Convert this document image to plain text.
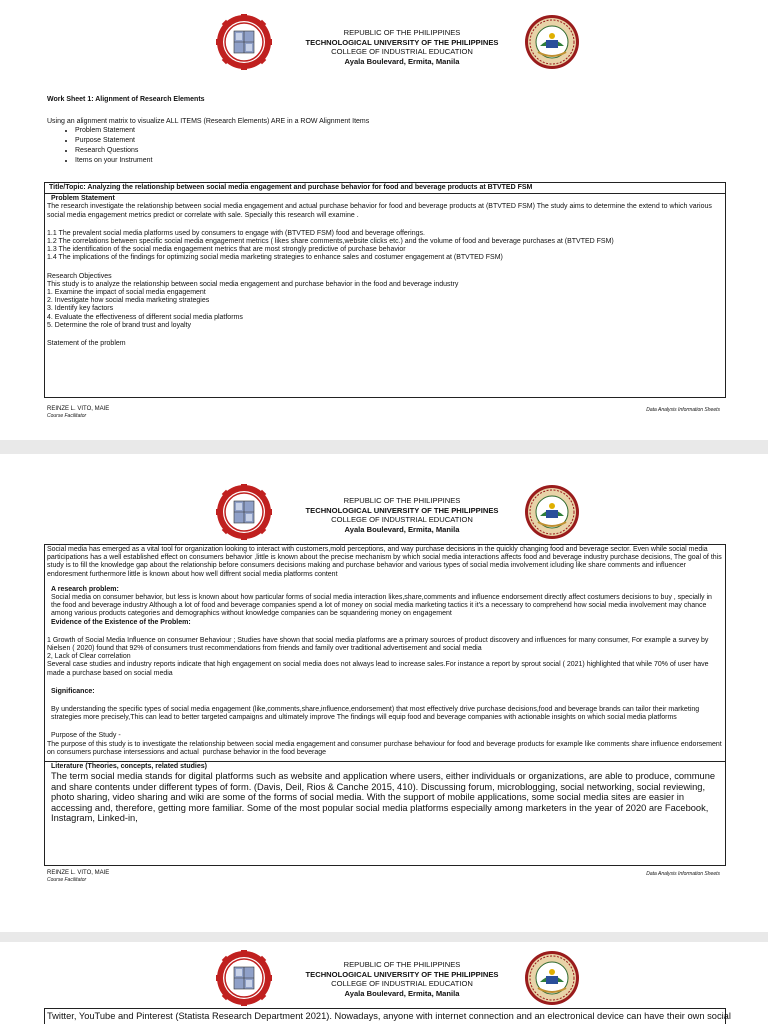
REPUBLIC OF THE PHILIPPINES
TECHNOLOGICAL UNIVERSITY OF THE PHILIPPINES
COLLEGE OF INDUSTRIAL EDUCATION
Ayala Boulevard, Ermita, Manila
Work Sheet 1: Alignment of Research Elements
Using an alignment matrix to visualize ALL ITEMS (Research Elements) ARE in a ROW Alignment Items
• Problem Statement
• Purpose Statement
• Research Questions
• Items on your Instrument
Title/Topic: Analyzing the relationship between social media engagement and purchase behavior for food and beverage products at BTVTED FSM
Problem Statement
The research investigate the relationship between social media engagement and actual purchase behavior for food and beverage products at (BTVTED FSM) The study aims to determine the extend to which various social media engagement metrics predict or correlate with sale. Specially this research will examine .
1.1 The prevalent social media platforms used by consumers to engage with (BTVTED FSM) food and beverage offerings.
1.2 The correlations between specific social media engagement metrics ( likes share comments,website clicks etc.) and the volume of food and beverage purchases at (BTVTED FSM)
1.3 The identification of the social media engagement metrics that are most strongly predictive of purchase behavior
1.4 The implications of the findings for optimizing social media marketing strategies to enhance sales and costumer engagement at (BTVTED FSM)
Research Objectives
This study is to analyze the relationship between social media engagement and purchase behavior in the food and beverage industry
1. Examine the impact of social media engagement
2. Investigate how social media marketing strategies
3. Identify key factors
4. Evaluate the effectiveness of different social media platforms
5. Determine the role of brand trust and loyalty
Statement of the problem
REINZE L. VITO, MAIE
Course Facilitator
Data Analysis Information Sheets
REPUBLIC OF THE PHILIPPINES
TECHNOLOGICAL UNIVERSITY OF THE PHILIPPINES
COLLEGE OF INDUSTRIAL EDUCATION
Ayala Boulevard, Ermita, Manila
Social media has emerged as a vital tool for organization looking to interact with customers,mold perceptions, and way purchase decisions in the quickly changing food and beverage sector. Even while social media participations has a well established effect on consumers behavior ,little is known about the precise mechanism by which social media interactions affects food and beverage industry purchase decisions, The goal of this study is to fill the knowledge gap about the relationship before consumers decisions making and purchase behavior and various types of social media involvement icluding like share comments and influencer endoresment furthermore little is known about how well diffrent social media platforms content
A research problem:
Social media on consumer behavior, but less is known about how particular forms of social media interaction likes,share,comments and influence endorsement directly affect costumers decisions to buy , specially in the food and beverage industry Although a lot of food and beverage companies spend a lot of money on social media marketing tactics it it's a necessary to comprehend how social media involvement may chance among various products categories and demographics without knowledge companies can be squandering money on engagement
Evidence of the Existence of the Problem:
1 Growth of Social Media Influence on consumer Behaviour ; Studies have shown that social media platforms are a primary sources of product discovery and influences for many consumer, For example a survey by Nielsen ( 2020) found that 92% of consumers trust recommendations from friends and family over traditional advertisement and social media
2, Lack of Clear correlation
Several case studies and industry reports indicate that high engagement on social media does not always lead to increase sales.For instance a report by sprout social ( 2021) highlighted that while 70% of user have made a purchase based on social media
Significance:
By understanding the specific types of social media engagement (like,comments,share,influence,endorsement) that most effectively drive purchase decisions,food and beverage brands can tailor their marketing strategies more precisely,This can lead to better targeted campaigns and ultimately improve The findings will equip food and beverage companies with actionable insights on which social media platforms
Purpose of the Study -
The purpose of this study is to investigate the relationship between social media engagement and consumer purchase behaviour for food and beverage products for example like comments share influence endorsement on consumers purchase intersessions and actual  purchase behavior in the food beverage
Literature (Theories, concepts, related studies)
The term social media stands for digital platforms such as website and application where users, either individuals or organizations, are able to produce, commune and share contents under different types of form. (Davis, Deil, Rios & Canche 2015, 410). Discussing forum, microblogging, social networking, social reviewing, photo sharing, video sharing and wiki are some of the forms of social media. With the support of mobile applications, some social media sites are easier in accessing and, therefore, getting more familiar. Some of the most popular social media platforms especially among marketers in the year of 2020 are Facebook, Instagram, Linked-in,
REINZE L. VITO, MAIE
Course Facilitator
Data Analysis Information Sheets
REPUBLIC OF THE PHILIPPINES
TECHNOLOGICAL UNIVERSITY OF THE PHILIPPINES
COLLEGE OF INDUSTRIAL EDUCATION
Ayala Boulevard, Ermita, Manila
Twitter, YouTube and Pinterest (Statista Research Department 2021). Nowadays, anyone with internet connection and an electronical device can have their own social
